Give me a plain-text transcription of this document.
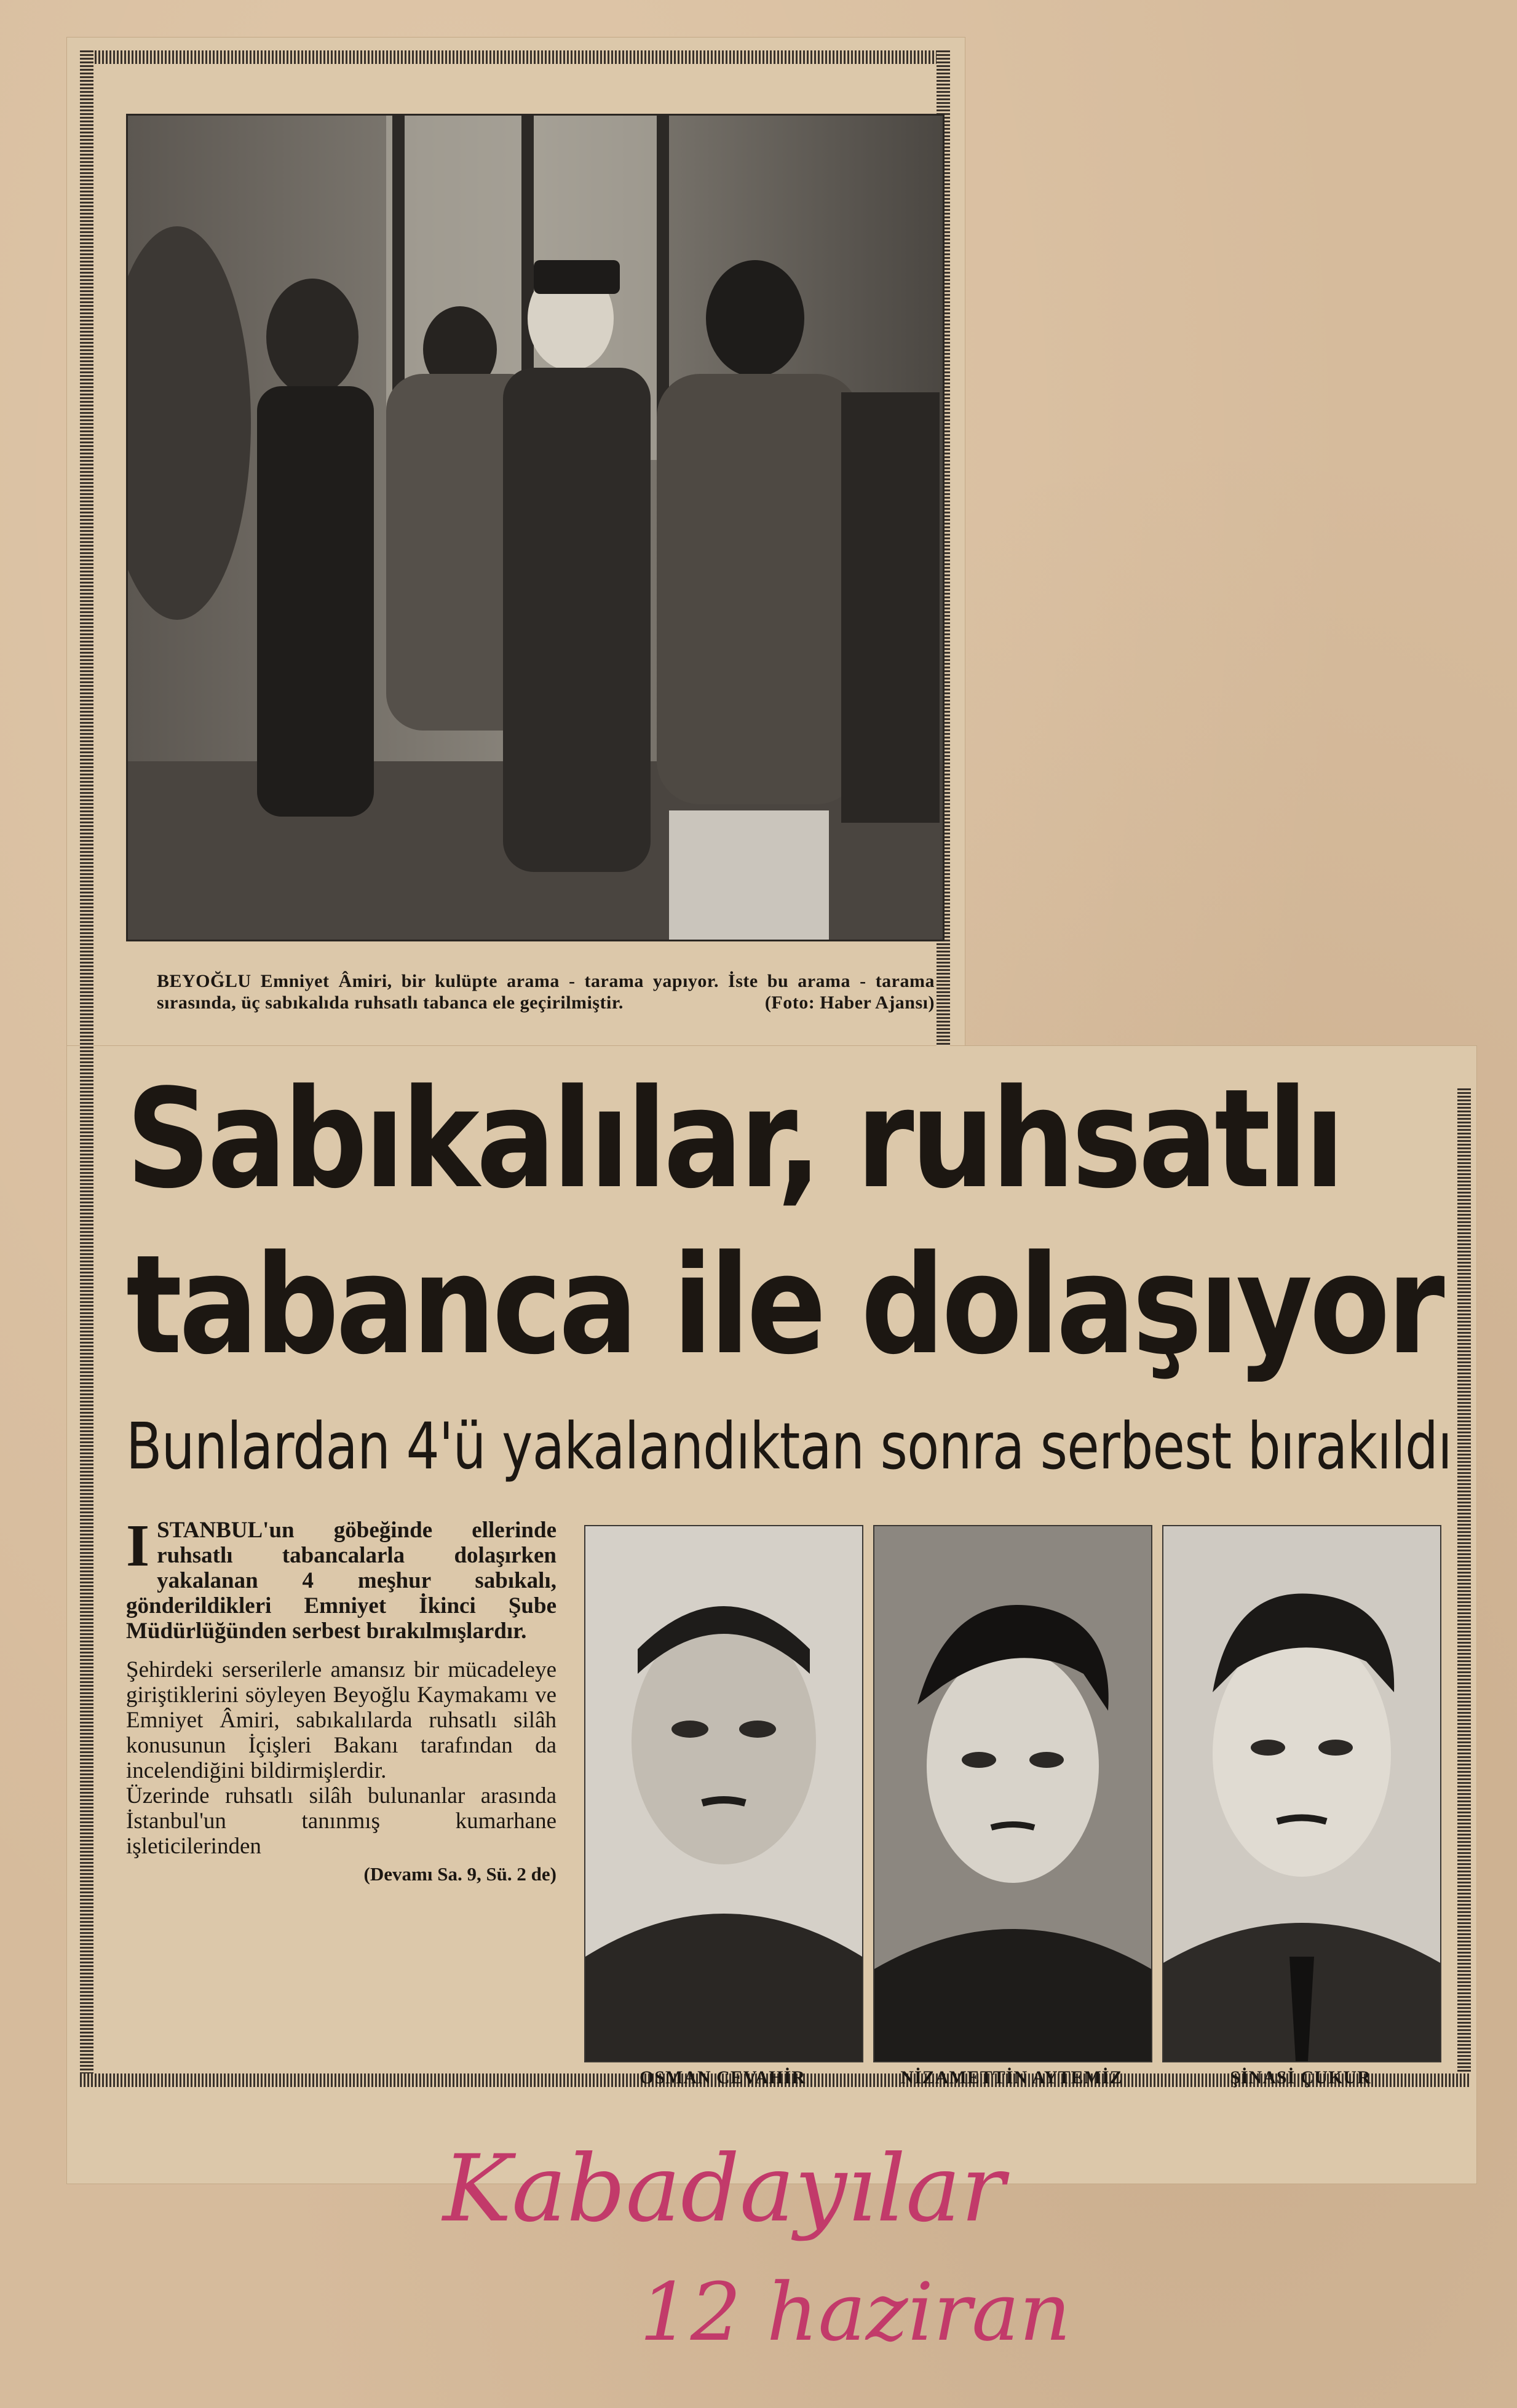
BEYOĞLU Emniyet Âmiri, bir kulüpte arama - tarama yapıyor. İste bu arama - tarama sırasında, üç sabıkalıda ruhsatlı tabanca ele geçirilmiştir.	(Foto: Haber Ajansı)
Sabıkalılar, ruhsatlı
tabanca ile dolaşıyor
Bunlardan 4'ü yakalandıktan sonra serbest bırakıldı
I STANBUL'un göbeğinde ellerinde ruhsatlı tabancalarla dolaşırken yakalanan 4 meşhur sabıkalı, gönderildikleri Emniyet İkinci Şube Müdürlüğünden serbest bırakılmışlardır.
Şehirdeki serserilerle amansız bir mücadeleye giriştiklerini söyleyen Beyoğlu Kaymakamı ve Emniyet Âmiri, sabıkalılarda ruhsatlı silâh konusunun İçişleri Bakanı tarafından da incelendiğini bildirmişlerdir.
Üzerinde ruhsatlı silâh bulunanlar arasında İstanbul'un tanınmış kumarhane işleticilerinden
(Devamı Sa. 9, Sü. 2 de)
OSMAN CEVAHİR	NİZAMETTİN AYTEMİZ	ŞİNASİ ÇUKUR
Kabadayılar
12 haziran
